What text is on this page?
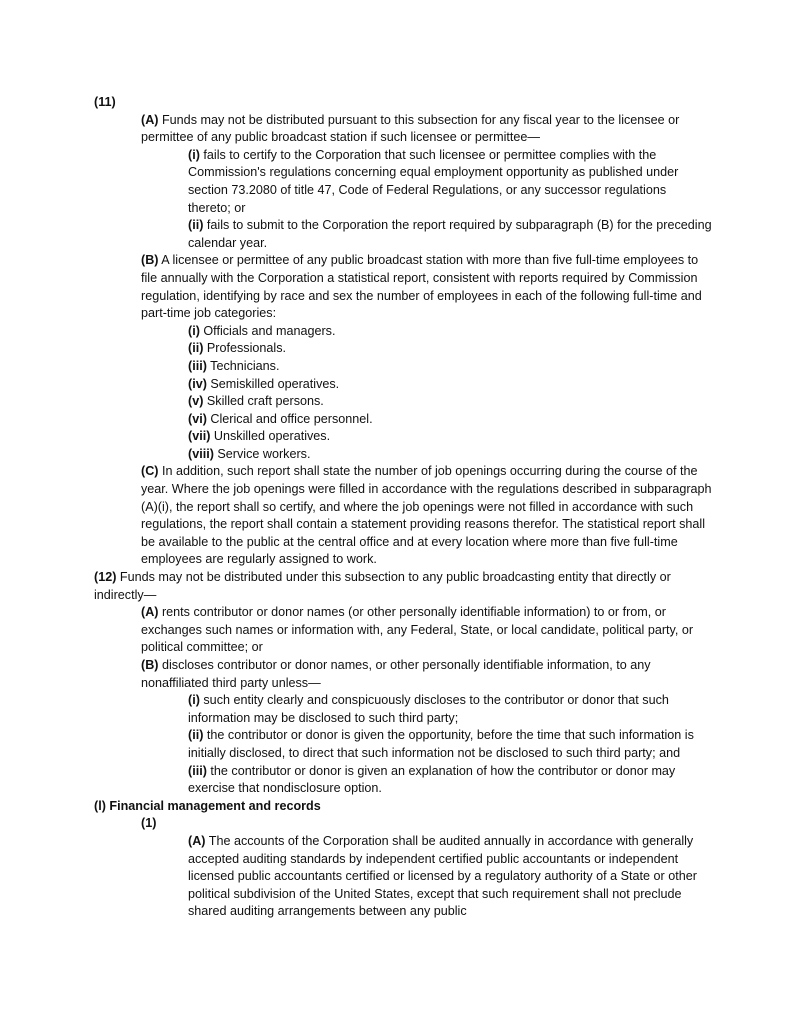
(11)

(A) Funds may not be distributed pursuant to this subsection for any fiscal year to the licensee or permittee of any public broadcast station if such licensee or permittee—

(i) fails to certify to the Corporation that such licensee or permittee complies with the Commission's regulations concerning equal employment opportunity as published under section 73.2080 of title 47, Code of Federal Regulations, or any successor regulations thereto; or

(ii) fails to submit to the Corporation the report required by subparagraph (B) for the preceding calendar year.

(B) A licensee or permittee of any public broadcast station with more than five full-time employees to file annually with the Corporation a statistical report, consistent with reports required by Commission regulation, identifying by race and sex the number of employees in each of the following full-time and part-time job categories:

(i) Officials and managers.

(ii) Professionals.

(iii) Technicians.

(iv) Semiskilled operatives.

(v) Skilled craft persons.

(vi) Clerical and office personnel.

(vii) Unskilled operatives.

(viii) Service workers.

(C) In addition, such report shall state the number of job openings occurring during the course of the year. Where the job openings were filled in accordance with the regulations described in subparagraph (A)(i), the report shall so certify, and where the job openings were not filled in accordance with such regulations, the report shall contain a statement providing reasons therefor. The statistical report shall be available to the public at the central office and at every location where more than five full-time employees are regularly assigned to work.

(12) Funds may not be distributed under this subsection to any public broadcasting entity that directly or indirectly—

(A) rents contributor or donor names (or other personally identifiable information) to or from, or exchanges such names or information with, any Federal, State, or local candidate, political party, or political committee; or

(B) discloses contributor or donor names, or other personally identifiable information, to any nonaffiliated third party unless—

(i) such entity clearly and conspicuously discloses to the contributor or donor that such information may be disclosed to such third party;

(ii) the contributor or donor is given the opportunity, before the time that such information is initially disclosed, to direct that such information not be disclosed to such third party; and

(iii) the contributor or donor is given an explanation of how the contributor or donor may exercise that nondisclosure option.

(l) Financial management and records

(1)

(A) The accounts of the Corporation shall be audited annually in accordance with generally accepted auditing standards by independent certified public accountants or independent licensed public accountants certified or licensed by a regulatory authority of a State or other political subdivision of the United States, except that such requirement shall not preclude shared auditing arrangements between any public
